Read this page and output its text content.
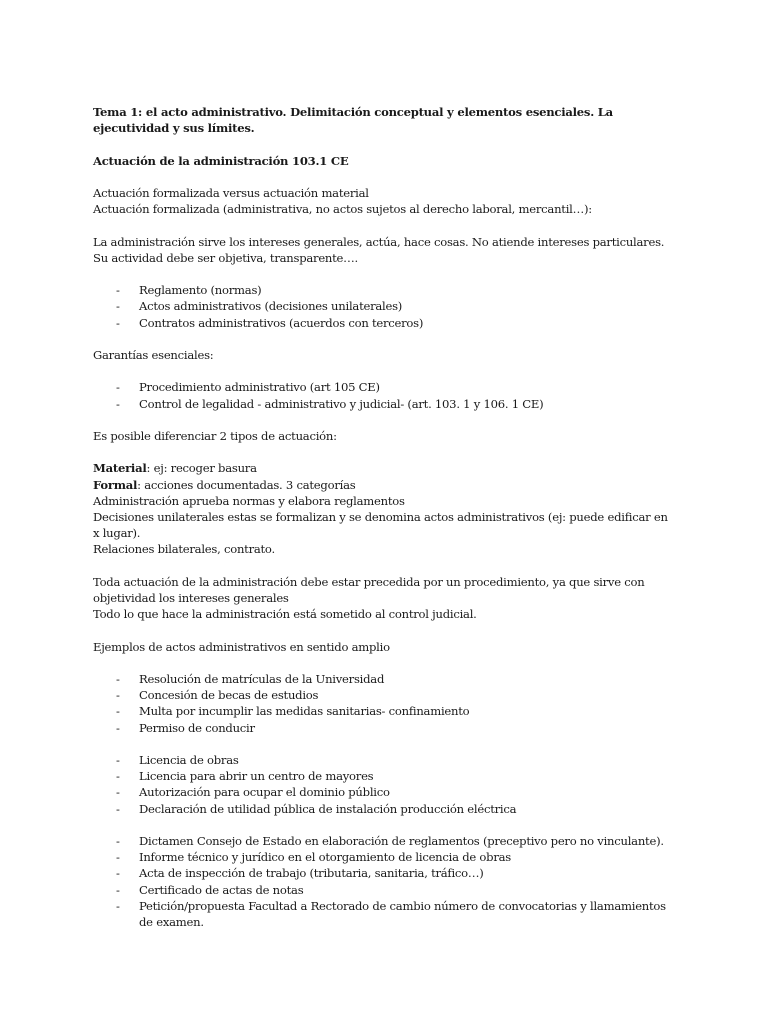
Tema 1: el acto administrativo. Delimitación conceptual y elementos esenciales. La ejecutividad y sus límites.

Actuación de la administración 103.1 CE

Actuación formalizada versus actuación material

Actuación formalizada (administrativa, no actos sujetos al derecho laboral, mercantil…):

La administración sirve los intereses generales, actúa, hace cosas. No atiende intereses particulares. Su actividad debe ser objetiva, transparente….

- Reglamento (normas)
- Actos administrativos (decisiones unilaterales)
- Contratos administrativos (acuerdos con terceros)

Garantías esenciales:

- Procedimiento administrativo (art 105 CE)
- Control de legalidad - administrativo y judicial- (art. 103. 1 y 106. 1 CE)

Es posible diferenciar 2 tipos de actuación:

Material: ej: recoger basura

Formal: acciones documentadas. 3 categorías

Administración aprueba normas y elabora reglamentos

Decisiones unilaterales estas se formalizan y se denomina actos administrativos (ej: puede edificar en x lugar).

Relaciones bilaterales, contrato.

Toda actuación de la administración debe estar precedida por un procedimiento, ya que sirve con objetividad los intereses generales

Todo lo que hace la administración está sometido al control judicial.

Ejemplos de actos administrativos en sentido amplio

- Resolución de matrículas de la Universidad
- Concesión de becas de estudios
- Multa por incumplir las medidas sanitarias- confinamiento
- Permiso de conducir
- Licencia de obras
- Licencia para abrir un centro de mayores
- Autorización para ocupar el dominio público
- Declaración de utilidad pública de instalación producción eléctrica
- Dictamen Consejo de Estado en elaboración de reglamentos (preceptivo pero no vinculante).
- Informe técnico y jurídico en el otorgamiento de licencia de obras
- Acta de inspección de trabajo (tributaria, sanitaria, tráfico…)
- Certificado de actas de notas
- Petición/propuesta Facultad a Rectorado de cambio número de convocatorias y llamamientos de examen.
